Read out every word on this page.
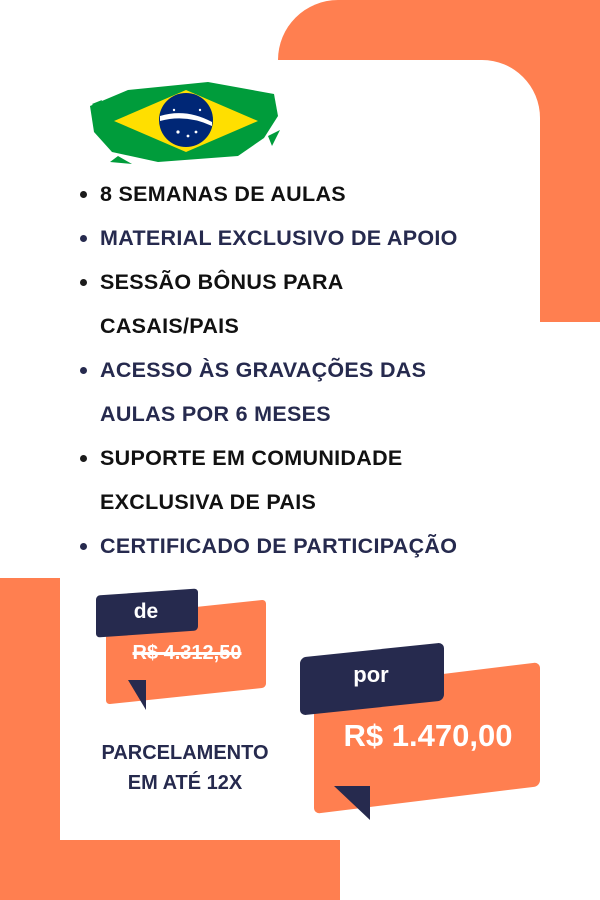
8 SEMANAS DE AULAS
MATERIAL EXCLUSIVO DE APOIO
SESSÃO BÔNUS PARA CASAIS/PAIS
ACESSO ÀS GRAVAÇÕES DAS AULAS POR 6 MESES
SUPORTE EM COMUNIDADE EXCLUSIVA DE PAIS
CERTIFICADO DE PARTICIPAÇÃO
de
R$ 4.312,50
por
R$ 1.470,00
PARCELAMENTO
EM ATÉ 12X
